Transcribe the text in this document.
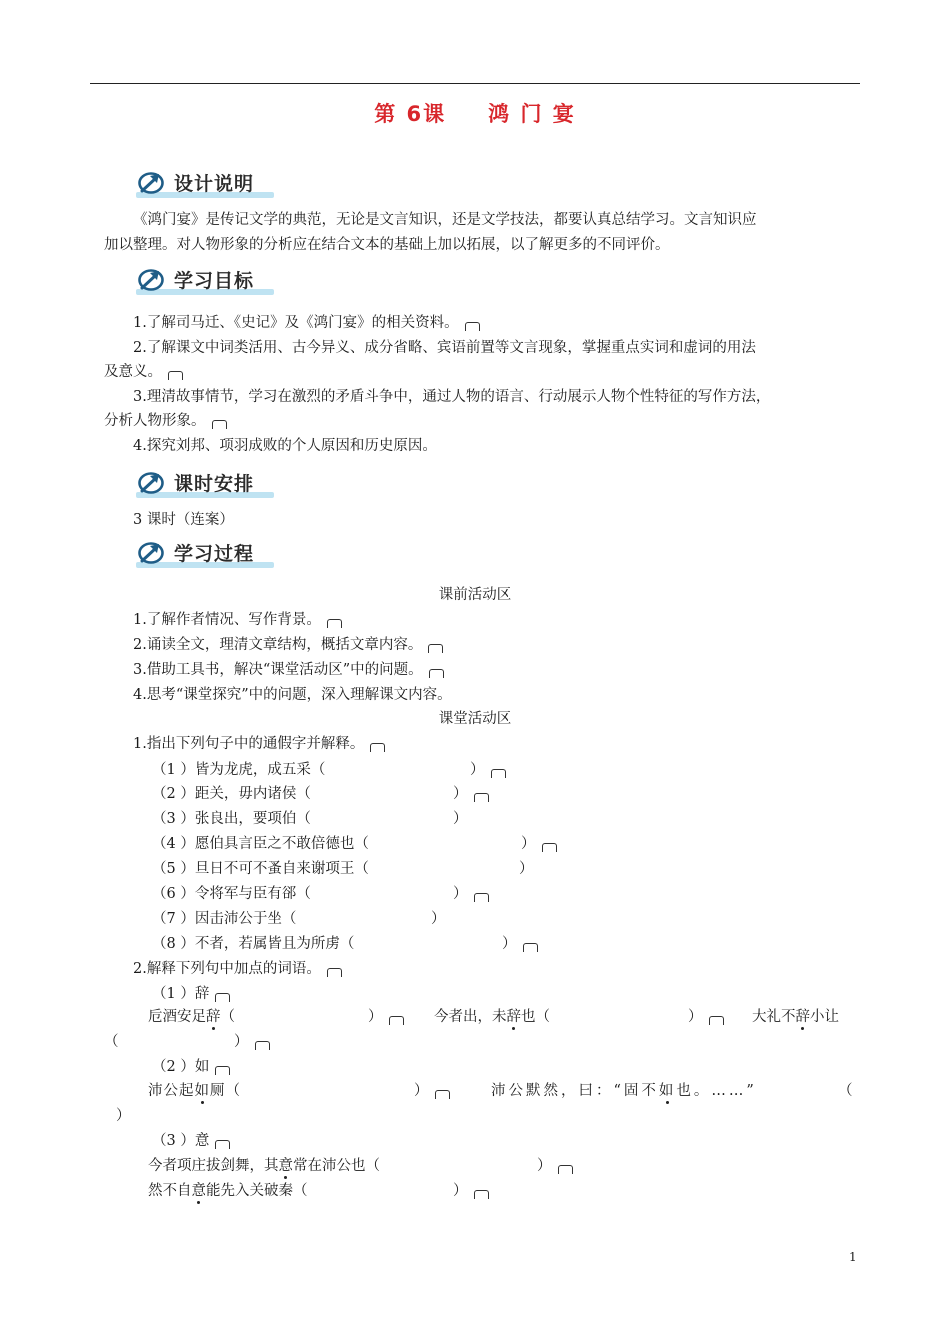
第 6课 鸿 门 宴
设计说明

《鸿门宴》是传记文学的典范，无论是文言知识，还是文学技法，都要认真总结学习。文言知识应

加以整理。对人物形象的分析应在结合文本的基础上加以拓展，以了解更多的不同评价。
学习目标
1.了解司马迁、《史记》及《鸿门宴》的相关资料。
2.了解课文中词类活用、古今异义、成分省略、宾语前置等文言现象，掌握重点实词和虚词的用法
及意义。
3.理清故事情节，学习在激烈的矛盾斗争中，通过人物的语言、行动展示人物个性特征的写作方法，
分析人物形象。
4.探究刘邦、项羽成败的个人原因和历史原因。
课时安排
3 课时（连案）
学习过程
课前活动区
1.了解作者情况、写作背景。
2.诵读全文，理清文章结构，概括文章内容。
3.借助工具书，解决“课堂活动区”中的问题。
4.思考“课堂探究”中的问题，深入理解课文内容。
课堂活动区
1.指出下列句子中的通假字并解释。
（2 ）距关，毋内诸侯（
（3 ）张良出，要项伯（
（4 ）愿伯具言臣之不敢倍德也（
（5 ）旦日不可不蚤自来谢项王（
（6 ）令将军与臣有郤（
（7 ）因击沛公于坐（
（8 ）不者，若属皆且为所虏（
（1 ）皆为龙虎，成五采（	）
）
）
）
）
）
）
）
2.解释下列句中加点的词语。
（1 ）辞
卮酒安足辞（	）	今者出，未辞也（	）	大礼不辞小让
（	）
（2 ）如
沛公起如厕（	）	沛公默然，曰：“固不如也。……”	（
）
（3 ）意
今者项庄拔剑舞，其意常在沛公也（	）
然不自意能先入关破秦（	）
1
